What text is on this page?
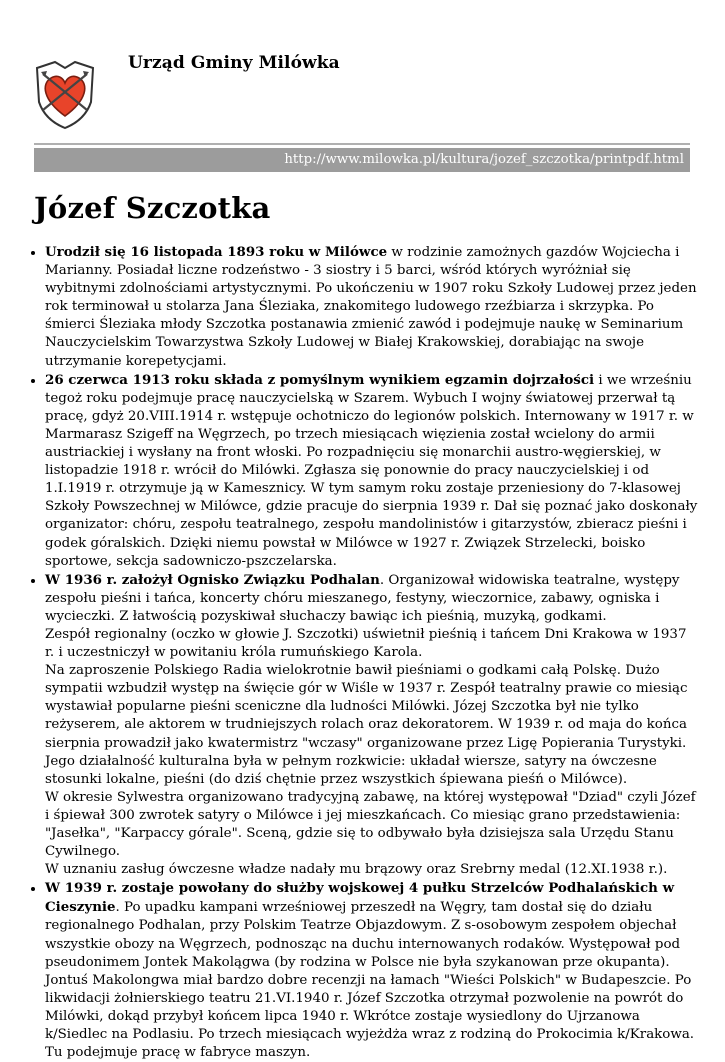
Urząd Gminy Milówka
http://www.milowka.pl/kultura/jozef_szczotka/printpdf.html
Józef Szczotka
• Urodził się 16 listopada 1893 roku w Milówce w rodzinie zamożnych gazdów Wojciecha i Marianny. Posiadał liczne rodzeństwo - 3 siostry i 5 barci, wśród których wyróżniał się wybitnymi zdolnościami artystycznymi. Po ukończeniu w 1907 roku Szkoły Ludowej przez jeden rok terminował u stolarza Jana Śleziaka, znakomitego ludowego rzeźbiarza i skrzypka. Po śmierci Śleziaka młody Szczotka postanawia zmienić zawód i podejmuje naukę w Seminarium Nauczycielskim Towarzystwa Szkoły Ludowej w Białej Krakowskiej, dorabiając na swoje utrzymanie korepetycjami.
• 26 czerwca 1913 roku składa z pomyślnym wynikiem egzamin dojrzałości i we wrześniu tegoż roku podejmuje pracę nauczycielską w Szarem. Wybuch I wojny światowej przerwał tą pracę, gdyż 20.VIII.1914 r. wstępuje ochotniczo do legionów polskich. Internowany w 1917 r. w Marmarasz Szigeff na Węgrzech, po trzech miesiącach więzienia został wcielony do armii austriackiej i wysłany na front włoski. Po rozpadnięciu się monarchii austro-węgierskiej, w listopadzie 1918 r. wrócił do Milówki. Zgłasza się ponownie do pracy nauczycielskiej i od 1.I.1919 r. otrzymuje ją w Kamesznicy. W tym samym roku zostaje przeniesiony do 7-klasowej Szkoły Powszechnej w Milówce, gdzie pracuje do sierpnia 1939 r. Dał się poznać jako doskonały organizator: chóru, zespołu teatralnego, zespołu mandolinistów i gitarzystów, zbieracz pieśni i godek góralskich. Dzięki niemu powstał w Milówce w 1927 r. Związek Strzelecki, boisko sportowe, sekcja sadowniczo-pszczelarska.
• W 1936 r. założył Ognisko Związku Podhalan. Organizował widowiska teatralne, występy zespołu pieśni i tańca, koncerty chóru mieszanego, festyny, wieczornice, zabawy, ogniska i wycieczki. Z łatwością pozyskiwał słuchaczy bawiąc ich pieśnią, muzyką, godkami.
Zespół regionalny (oczko w głowie J. Szczotki) uświetnił pieśnią i tańcem Dni Krakowa w 1937 r. i uczestniczył w powitaniu króla rumuńskiego Karola.
Na zaproszenie Polskiego Radia wielokrotnie bawił pieśniami o godkami całą Polskę. Dużo sympatii wzbudził występ na święcie gór w Wiśle w 1937 r. Zespół teatralny prawie co miesiąc wystawiał popularne pieśni sceniczne dla ludności Milówki. Józej Szczotka był nie tylko reżyserem, ale aktorem w trudniejszych rolach oraz dekoratorem. W 1939 r. od maja do końca sierpnia prowadził jako kwatermistrz "wczasy" organizowane przez Ligę Popierania Turystyki. Jego działalność kulturalna była w pełnym rozkwicie: układał wiersze, satyry na ówczesne stosunki lokalne, pieśni (do dziś chętnie przez wszystkich śpiewana pieśń o Milówce).
W okresie Sylwestra organizowano tradycyjną zabawę, na której występował "Dziad" czyli Józef i śpiewał 300 zwrotek satyry o Milówce i jej mieszkańcach. Co miesiąc grano przedstawienia: "Jasełka", "Karpaccy górale". Sceną, gdzie się to odbywało była dzisiejsza sala Urzędu Stanu Cywilnego.
W uznaniu zasług ówczesne władze nadały mu brązowy oraz Srebrny medal (12.XI.1938 r.).
• W 1939 r. zostaje powołany do służby wojskowej 4 pułku Strzelców Podhalańskich w Cieszynie. Po upadku kampani wrześniowej przeszedł na Węgry, tam dostał się do działu regionalnego Podhalan, przy Polskim Teatrze Objazdowym. Z s-osobowym zespołem objechał wszystkie obozy na Węgrzech, podnosząc na duchu internowanych rodaków. Występował pod pseudonimem Jontek Makolągwa (by rodzina w Polsce nie była szykanowan prze okupanta). Jontuś Makolongwa miał bardzo dobre recenzji na łamach "Wieści Polskich" w Budapeszcie. Po likwidacji żołnierskiego teatru 21.VI.1940 r. Józef Szczotka otrzymał pozwolenie na powrót do Milówki, dokąd przybył końcem lipca 1940 r. Wkrótce zostaje wysiedlony do Ujrzanowa k/Siedlec na Podlasiu. Po trzech miesiącach wyjeżdża wraz z rodziną do Prokocimia k/Krakowa. Tu podejmuje pracę w fabryce maszyn.
